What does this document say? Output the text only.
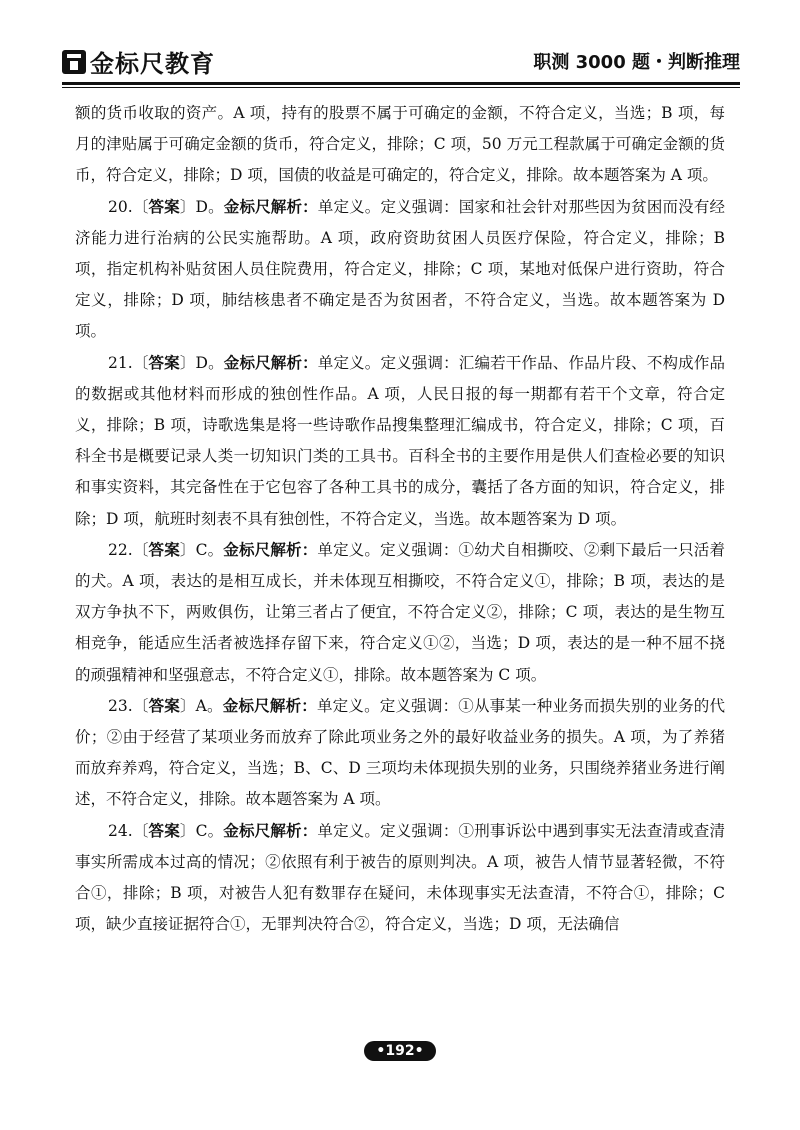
金标尺教育	职测 3000 题・判断推理

额的货币收取的资产。A 项，持有的股票不属于可确定的金额，不符合定义，当选；B 项，每月的津贴属于可确定金额的货币，符合定义，排除；C 项，50 万元工程款属于可确定金额的货币，符合定义，排除；D 项，国债的收益是可确定的，符合定义，排除。故本题答案为 A 项。

20.〔答案〕D。金标尺解析：单定义。定义强调：国家和社会针对那些因为贫困而没有经济能力进行治病的公民实施帮助。A 项，政府资助贫困人员医疗保险，符合定义，排除；B 项，指定机构补贴贫困人员住院费用，符合定义，排除；C 项，某地对低保户进行资助，符合定义，排除；D 项，肺结核患者不确定是否为贫困者，不符合定义，当选。故本题答案为 D 项。

21.〔答案〕D。金标尺解析：单定义。定义强调：汇编若干作品、作品片段、不构成作品的数据或其他材料而形成的独创性作品。A 项，人民日报的每一期都有若干个文章，符合定义，排除；B 项，诗歌选集是将一些诗歌作品搜集整理汇编成书，符合定义，排除；C 项，百科全书是概要记录人类一切知识门类的工具书。百科全书的主要作用是供人们查检必要的知识和事实资料，其完备性在于它包容了各种工具书的成分，囊括了各方面的知识，符合定义，排除；D 项，航班时刻表不具有独创性，不符合定义，当选。故本题答案为 D 项。

22.〔答案〕C。金标尺解析：单定义。定义强调：①幼犬自相撕咬、②剩下最后一只活着的犬。A 项，表达的是相互成长，并未体现互相撕咬，不符合定义①，排除；B 项，表达的是双方争执不下，两败俱伤，让第三者占了便宜，不符合定义②，排除；C 项，表达的是生物互相竞争，能适应生活者被选择存留下来，符合定义①②，当选；D 项，表达的是一种不屈不挠的顽强精神和坚强意志，不符合定义①，排除。故本题答案为 C 项。

23.〔答案〕A。金标尺解析：单定义。定义强调：①从事某一种业务而损失别的业务的代价；②由于经营了某项业务而放弃了除此项业务之外的最好收益业务的损失。A 项，为了养猪而放弃养鸡，符合定义，当选；B、C、D 三项均未体现损失别的业务，只围绕养猪业务进行阐述，不符合定义，排除。故本题答案为 A 项。

24.〔答案〕C。金标尺解析：单定义。定义强调：①刑事诉讼中遇到事实无法查清或查清事实所需成本过高的情况；②依照有利于被告的原则判决。A 项，被告人情节显著轻微，不符合①，排除；B 项，对被告人犯有数罪存在疑问，未体现事实无法查清，不符合①，排除；C 项，缺少直接证据符合①，无罪判决符合②，符合定义，当选；D 项，无法确信

•192•
